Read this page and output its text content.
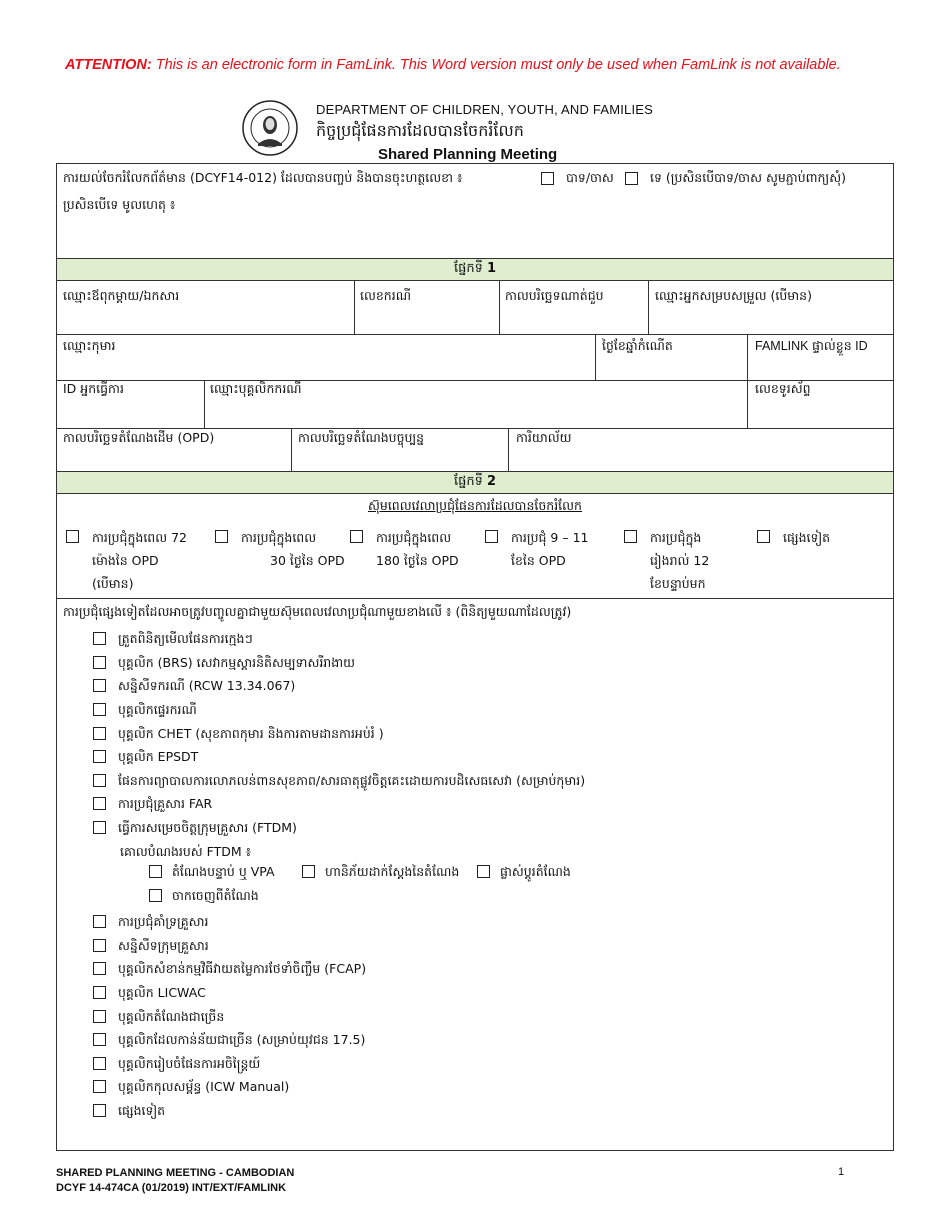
ATTENTION: This is an electronic form in FamLink. This Word version must only be used when FamLink is not available.
DEPARTMENT OF CHILDREN, YOUTH, AND FAMILIES
កិច្ចប្រជុំផែនការដែលបានចែករំលែក
Shared Planning Meeting
ការយល់ចែករំលែកព័ត៌មាន (DCYF14-012) ដែលបានបញ្ចប់ និងបានចុះហត្ថលេខា ៖	បាទ/ចាស	ទេ (ប្រសិនបើបាទ/ចាស សូមភ្ជាប់ពាក្យសុំ)
ប្រសិនបើទេ មូលហេតុ ៖
ផ្នែកទី 1
ឈ្មោះឪពុកម្ដាយ/ឯកសារ	លេខករណី	កាលបរិច្ឆេទណាត់ជួប	ឈ្មោះអ្នកសម្របសម្រួល (បើមាន)
ឈ្មោះកុមារ	ថ្ងៃខែឆ្នាំកំណើត	FAMLINK ផ្ទាល់ខ្លួន ID
ID អ្នកធ្វើការ	ឈ្មោះបុគ្គលិកករណី	លេខទូរស័ព្ទ
កាលបរិច្ឆេទតំណែងដើម (OPD)	កាលបរិច្ឆេទតំណែងបច្ចុប្បន្ន	ការិយាល័យ
ផ្នែកទី 2
ស៊ុមពេលវេលាប្រជុំផែនការដែលបានចែករំលែក
ការប្រជុំក្នុងពេល 72
ម៉ោងនៃ OPD
(បើមាន)
ការប្រជុំក្នុងពេល
30 ថ្ងៃនៃ OPD
ការប្រជុំក្នុងពេល
180 ថ្ងៃនៃ OPD
ការប្រជុំ 9 – 11
ខែនៃ OPD
ការប្រជុំក្នុង
រៀងរាល់ 12
ខែបន្ទាប់មក
ផ្សេងទៀត
ការប្រជុំផ្សេងទៀតដែលអាចត្រូវបញ្ចូលគ្នាជាមួយស៊ុមពេលវេលាប្រជុំណាមួយខាងលើ ៖ (ពិនិត្យមួយណាដែលត្រូវ)
ត្រួតពិនិត្យមើលផែនការក្មេងៗ
បុគ្គលិក (BRS) សេវាកម្មស្តារនិតិសម្បទាសរីរាងាយ
សន្និសីទករណី (RCW 13.34.067)
បុគ្គលិកផ្ទេរករណី
បុគ្គលិក CHET (សុខភាពកុមារ និងការតាមដានការអប់រំ )
បុគ្គលិក EPSDT
ផែនការព្យាបាលការលោភលន់ពានសុខភាព/សារធាតុផ្លូវចិត្តគេះដោយការបដិសេធសេវា (សម្រាប់កុមារ)
ការប្រជុំគ្រួសារ FAR
ធ្វើការសម្រេចចិត្តក្រុមគ្រួសារ (FTDM)
គោលបំណងរបស់ FTDM ៖
តំណែងបន្ទាប់ ឬ VPA	ហានិភ័យដាក់ស្តែងនៃតំណែង	ផ្លាស់ប្តូរតំណែង
ចាកចេញពីតំណែង
ការប្រជុំគាំទ្រគ្រួសារ
សន្និសីទក្រុមគ្រួសារ
បុគ្គលិកសំខាន់កម្មវិធីវាយតម្លៃការថែទាំចិញ្ចឹម (FCAP)
បុគ្គលិក LICWAC
បុគ្គលិកតំណែងជាច្រើន
បុគ្គលិកដែលកាន់ន័យជាច្រើន (សម្រាប់យុវជន 17.5)
បុគ្គលិករៀបចំផែនការអចិន្ត្រៃយ៍
បុគ្គលិកកុលសម្ព័ន្ធ (ICW Manual)
ផ្សេងទៀត
SHARED PLANNING MEETING - CAMBODIAN
DCYF 14-474CA (01/2019) INT/EXT/FAMLINK
1
